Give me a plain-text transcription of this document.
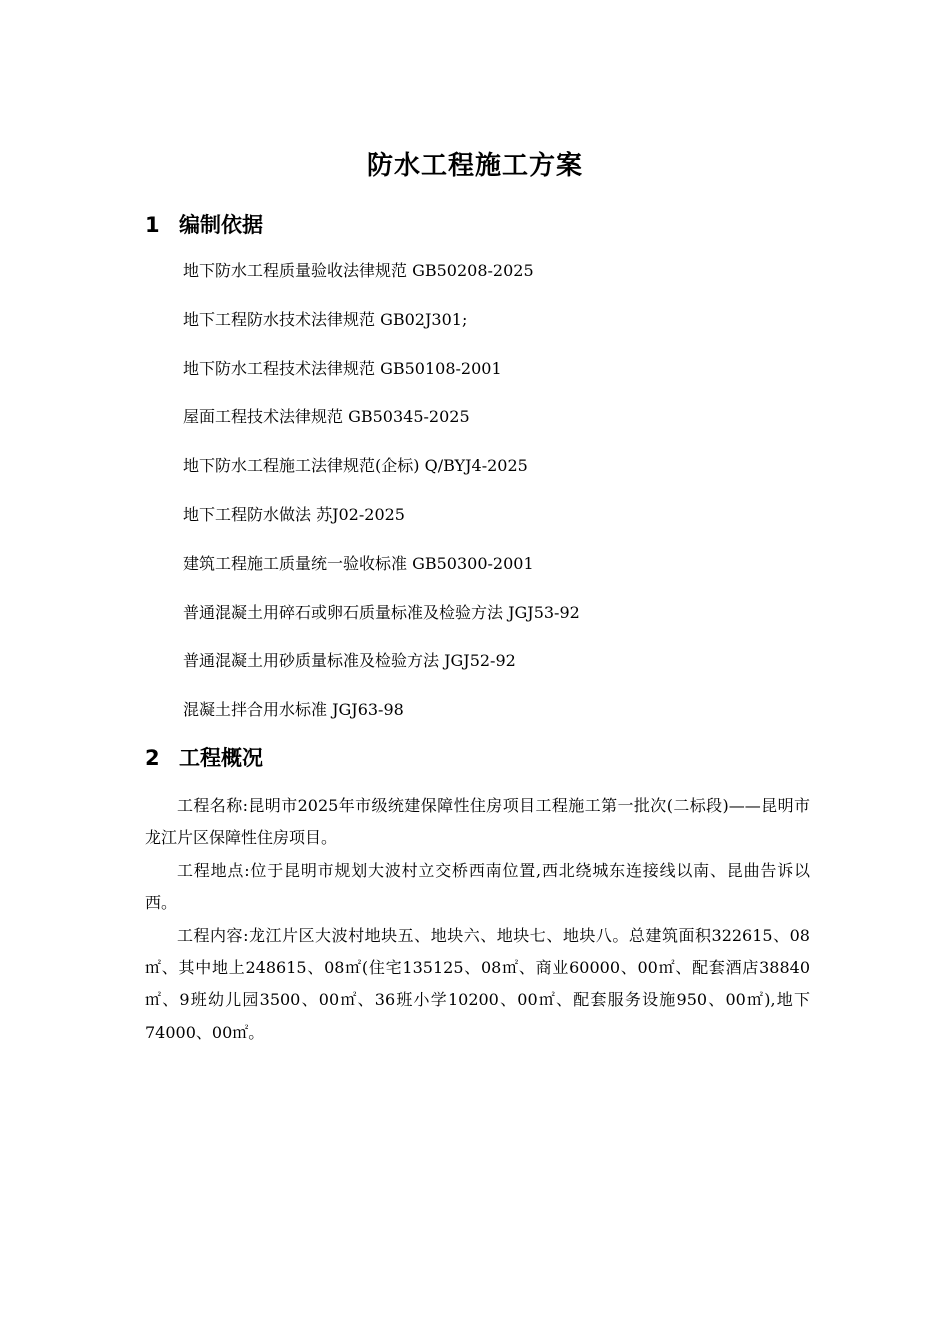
防水工程施工方案
1 编制依据
地下防水工程质量验收法律规范 GB50208-2025
地下工程防水技术法律规范 GB02J301;
地下防水工程技术法律规范 GB50108-2001
屋面工程技术法律规范 GB50345-2025
地下防水工程施工法律规范(企标) Q/BYJ4-2025
地下工程防水做法 苏J02-2025
建筑工程施工质量统一验收标准 GB50300-2001
普通混凝土用碎石或卵石质量标准及检验方法 JGJ53-92
普通混凝土用砂质量标准及检验方法 JGJ52-92
混凝土拌合用水标准 JGJ63-98
2 工程概况

工程名称:昆明市2025年市级统建保障性住房项目工程施工第一批次(二标段)——昆明市龙江片区保障性住房项目。

工程地点:位于昆明市规划大波村立交桥西南位置,西北绕城东连接线以南、昆曲告诉以西。

工程内容:龙江片区大波村地块五、地块六、地块七、地块八。总建筑面积322615、08㎡、其中地上248615、08㎡(住宅135125、08㎡、商业60000、00㎡、配套酒店38840㎡、9班幼儿园3500、00㎡、36班小学10200、00㎡、配套服务设施950、00㎡),地下74000、00㎡。
